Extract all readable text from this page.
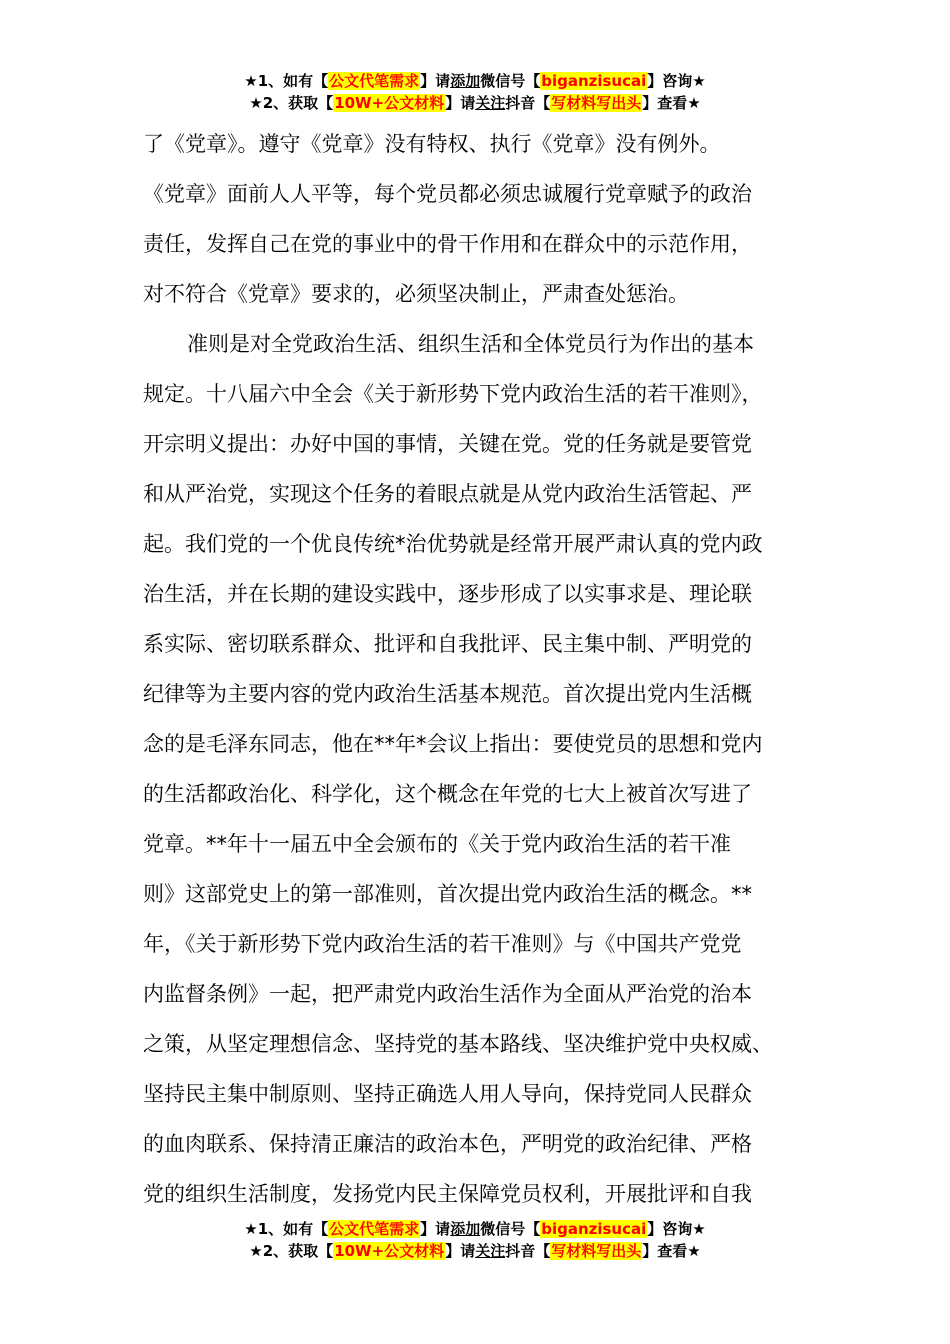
★1、如有【公文代笔需求】请添加微信号【biganzisucai】咨询★
★2、获取【10W+公文材料】请关注抖音【写材料写出头】查看★
了《党章》。遵守《党章》没有特权、执行《党章》没有例外。
《党章》面前人人平等，每个党员都必须忠诚履行党章赋予的政治
责任，发挥自己在党的事业中的骨干作用和在群众中的示范作用，
对不符合《党章》要求的，必须坚决制止，严肃查处惩治。
准则是对全党政治生活、组织生活和全体党员行为作出的基本
规定。十八届六中全会《关于新形势下党内政治生活的若干准则》，
开宗明义提出：办好中国的事情，关键在党。党的任务就是要管党
和从严治党，实现这个任务的着眼点就是从党内政治生活管起、严
起。我们党的一个优良传统*治优势就是经常开展严肃认真的党内政
治生活，并在长期的建设实践中，逐步形成了以实事求是、理论联
系实际、密切联系群众、批评和自我批评、民主集中制、严明党的
纪律等为主要内容的党内政治生活基本规范。首次提出党内生活概
念的是毛泽东同志，他在**年*会议上指出：要使党员的思想和党内
的生活都政治化、科学化，这个概念在年党的七大上被首次写进了
党章。**年十一届五中全会颁布的《关于党内政治生活的若干准
则》这部党史上的第一部准则，首次提出党内政治生活的概念。**
年，《关于新形势下党内政治生活的若干准则》与《中国共产党党
内监督条例》一起，把严肃党内政治生活作为全面从严治党的治本
之策，从坚定理想信念、坚持党的基本路线、坚决维护党中央权威、
坚持民主集中制原则、坚持正确选人用人导向，保持党同人民群众
的血肉联系、保持清正廉洁的政治本色，严明党的政治纪律、严格
党的组织生活制度，发扬党内民主保障党员权利，开展批评和自我
★1、如有【公文代笔需求】请添加微信号【biganzisucai】咨询★
★2、获取【10W+公文材料】请关注抖音【写材料写出头】查看★
